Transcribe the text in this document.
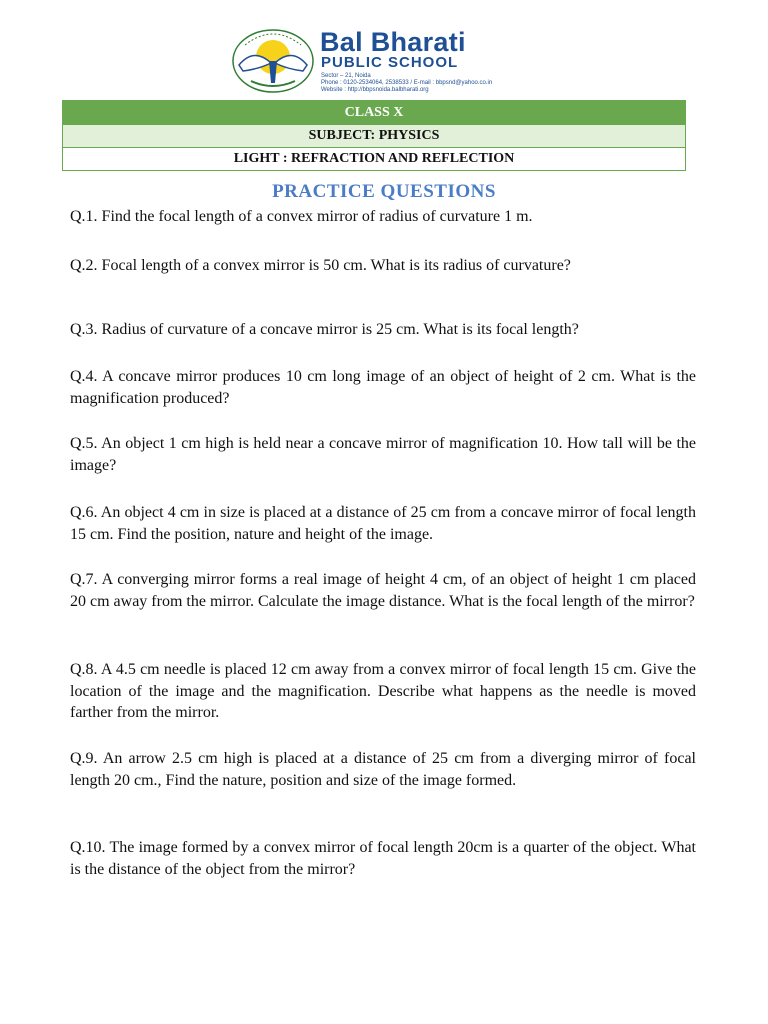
Bal Bharati
PUBLIC SCHOOL
Sector – 21, Noida
Phone : 0120-2534064, 2538533 / E-mail : bbpsnd@yahoo.co.in
Website : http://bbpsnoida.balbharati.org
CLASS X
SUBJECT: PHYSICS
LIGHT : REFRACTION AND REFLECTION
PRACTICE QUESTIONS

Q.1. Find the focal length of a convex mirror of radius of curvature 1 m.

Q.2. Focal length of a convex mirror is 50 cm. What is its radius of curvature?

Q.3. Radius of curvature of a concave mirror is 25 cm. What is its focal length?

Q.4. A concave mirror produces 10 cm long image of an object of height of 2 cm. What is the magnification produced?

Q.5. An object 1 cm high is held near a concave mirror of magnification 10. How tall will be the image?

Q.6. An object 4 cm in size is placed at a distance of 25 cm from a concave mirror of focal length 15 cm. Find the position, nature and height of the image.

Q.7. A converging mirror forms a real image of height 4 cm, of an object of height 1 cm placed 20 cm away from the mirror. Calculate the image distance. What is the focal length of the mirror?

Q.8. A 4.5 cm needle is placed 12 cm away from a convex mirror of focal length 15 cm. Give the location of the image and the magnification. Describe what happens as the needle is moved farther from the mirror.

Q.9. An arrow 2.5 cm high is placed at a distance of 25 cm from a diverging mirror of focal length 20 cm., Find the nature, position and size of the image formed.

Q.10. The image formed by a convex mirror of focal length 20cm is a quarter of the object. What is the distance of the object from the mirror?
